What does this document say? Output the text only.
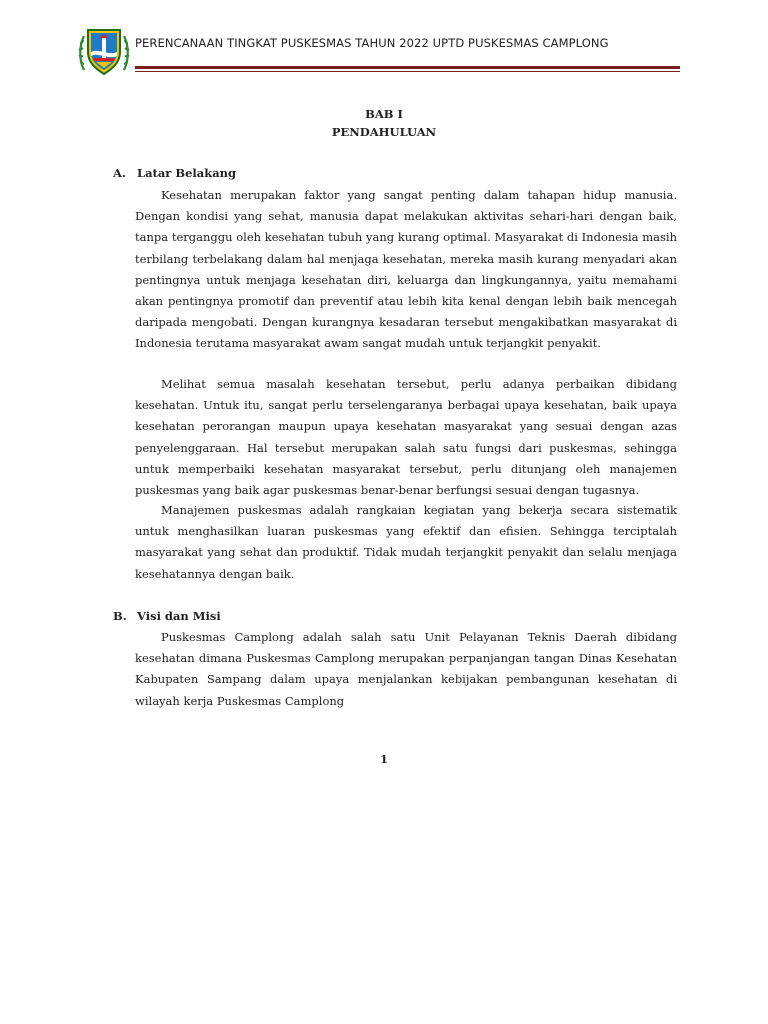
PERENCANAAN TINGKAT PUSKESMAS TAHUN 2022 UPTD PUSKESMAS CAMPLONG
BAB I
PENDAHULUAN
A. Latar Belakang

Kesehatan merupakan faktor yang sangat penting dalam tahapan hidup manusia. Dengan kondisi yang sehat, manusia dapat melakukan aktivitas sehari-hari dengan baik, tanpa terganggu oleh kesehatan tubuh yang kurang optimal. Masyarakat di Indonesia masih terbilang terbelakang dalam hal menjaga kesehatan, mereka masih kurang menyadari akan pentingnya untuk menjaga kesehatan diri, keluarga dan lingkungannya, yaitu memahami akan pentingnya promotif dan preventif atau lebih kita kenal dengan lebih baik mencegah daripada mengobati. Dengan kurangnya kesadaran tersebut mengakibatkan masyarakat di Indonesia terutama masyarakat awam sangat mudah untuk terjangkit penyakit.

Melihat semua masalah kesehatan tersebut, perlu adanya perbaikan dibidang kesehatan. Untuk itu, sangat perlu terselengaranya berbagai upaya kesehatan, baik upaya kesehatan perorangan maupun upaya kesehatan masyarakat yang sesuai dengan azas penyelenggaraan. Hal tersebut merupakan salah satu fungsi dari puskesmas, sehingga untuk memperbaiki kesehatan masyarakat tersebut, perlu ditunjang oleh manajemen puskesmas yang baik agar puskesmas benar-benar berfungsi sesuai dengan tugasnya.

Manajemen puskesmas adalah rangkaian kegiatan yang bekerja secara sistematik untuk menghasilkan luaran puskesmas yang efektif dan efisien. Sehingga terciptalah masyarakat yang sehat dan produktif. Tidak mudah terjangkit penyakit dan selalu menjaga kesehatannya dengan baik.

B. Visi dan Misi

Puskesmas Camplong adalah salah satu Unit Pelayanan Teknis Daerah dibidang kesehatan dimana Puskesmas Camplong merupakan perpanjangan tangan Dinas Kesehatan Kabupaten Sampang dalam upaya menjalankan kebijakan pembangunan kesehatan di wilayah kerja Puskesmas Camplong

1
